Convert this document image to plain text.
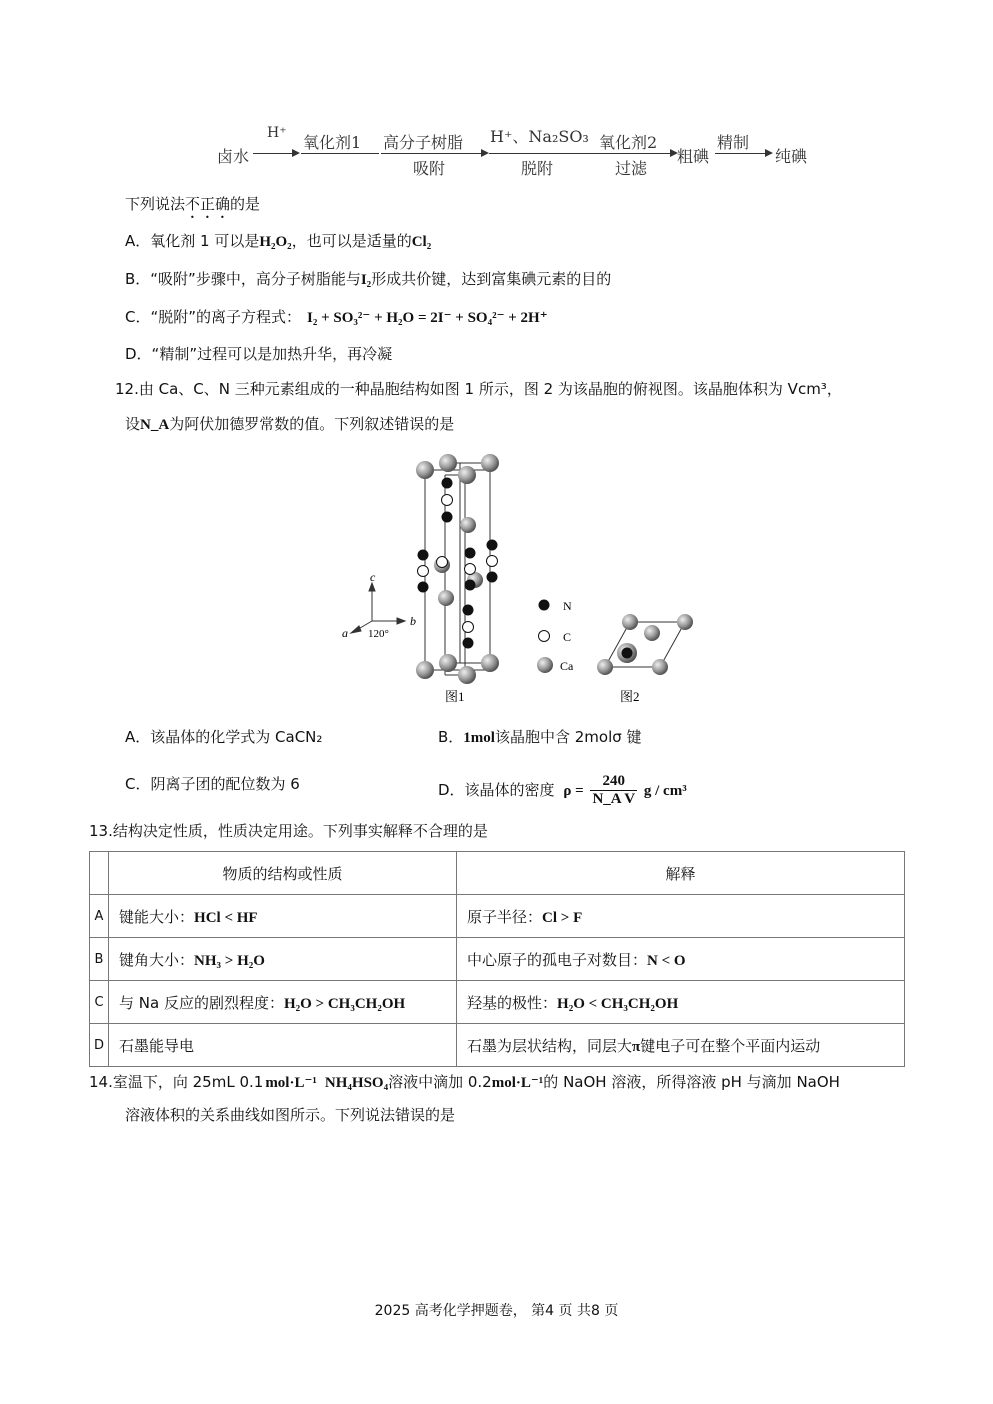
卤水
H⁺ 氧化剂1 高分子树脂
吸附
H⁺、Na₂SO₃
脱附
氧化剂2
过滤
粗碘
精制
纯碘
下列说法不正确的是
A．氧化剂 1 可以是H₂O₂，也可以是适量的Cl₂
B．“吸附”步骤中，高分子树脂能与I₂形成共价键，达到富集碘元素的目的
C．“脱附”的离子方程式： I₂ + SO₃²⁻ + H₂O = 2I⁻ + SO₄²⁻ + 2H⁺
D．“精制”过程可以是加热升华，再冷凝
12.由 Ca、C、N 三种元素组成的一种晶胞结构如图 1 所示，图 2 为该晶胞的俯视图。该晶胞体积为 Vcm³，
设N_A为阿伏加德罗常数的值。下列叙述错误的是
c
a
b
120°
N
C
Ca
图1	图2
A．该晶体的化学式为 CaCN₂	B．1mol该晶胞中含 2molσ 键
C．阴离子团的配位数为 6	D．该晶体的密度 $\rho = \frac{240}{\text{N\_A V}}$ g / cm³
13.结构决定性质，性质决定用途。下列事实解释不合理的是
	物质的结构或性质	解释
A	键能大小：HCl < HF	原子半径：Cl > F
B	键角大小：NH₃ > H₂O	中心原子的孤电子对数目：N < O
C	与 Na 反应的剧烈程度：H₂O > CH₃CH₂OH	羟基的极性：H₂O < CH₃CH₂OH
D	石墨能导电	石墨为层状结构，同层大π键电子可在整个平面内运动
14.室温下，向 25mL 0.1 mol·L⁻¹ NH₄HSO₄溶液中滴加 0.2mol·L⁻¹的 NaOH 溶液，所得溶液 pH 与滴加 NaOH
溶液体积的关系曲线如图所示。下列说法错误的是
2025 高考化学押题卷， 第4 页 共8 页
